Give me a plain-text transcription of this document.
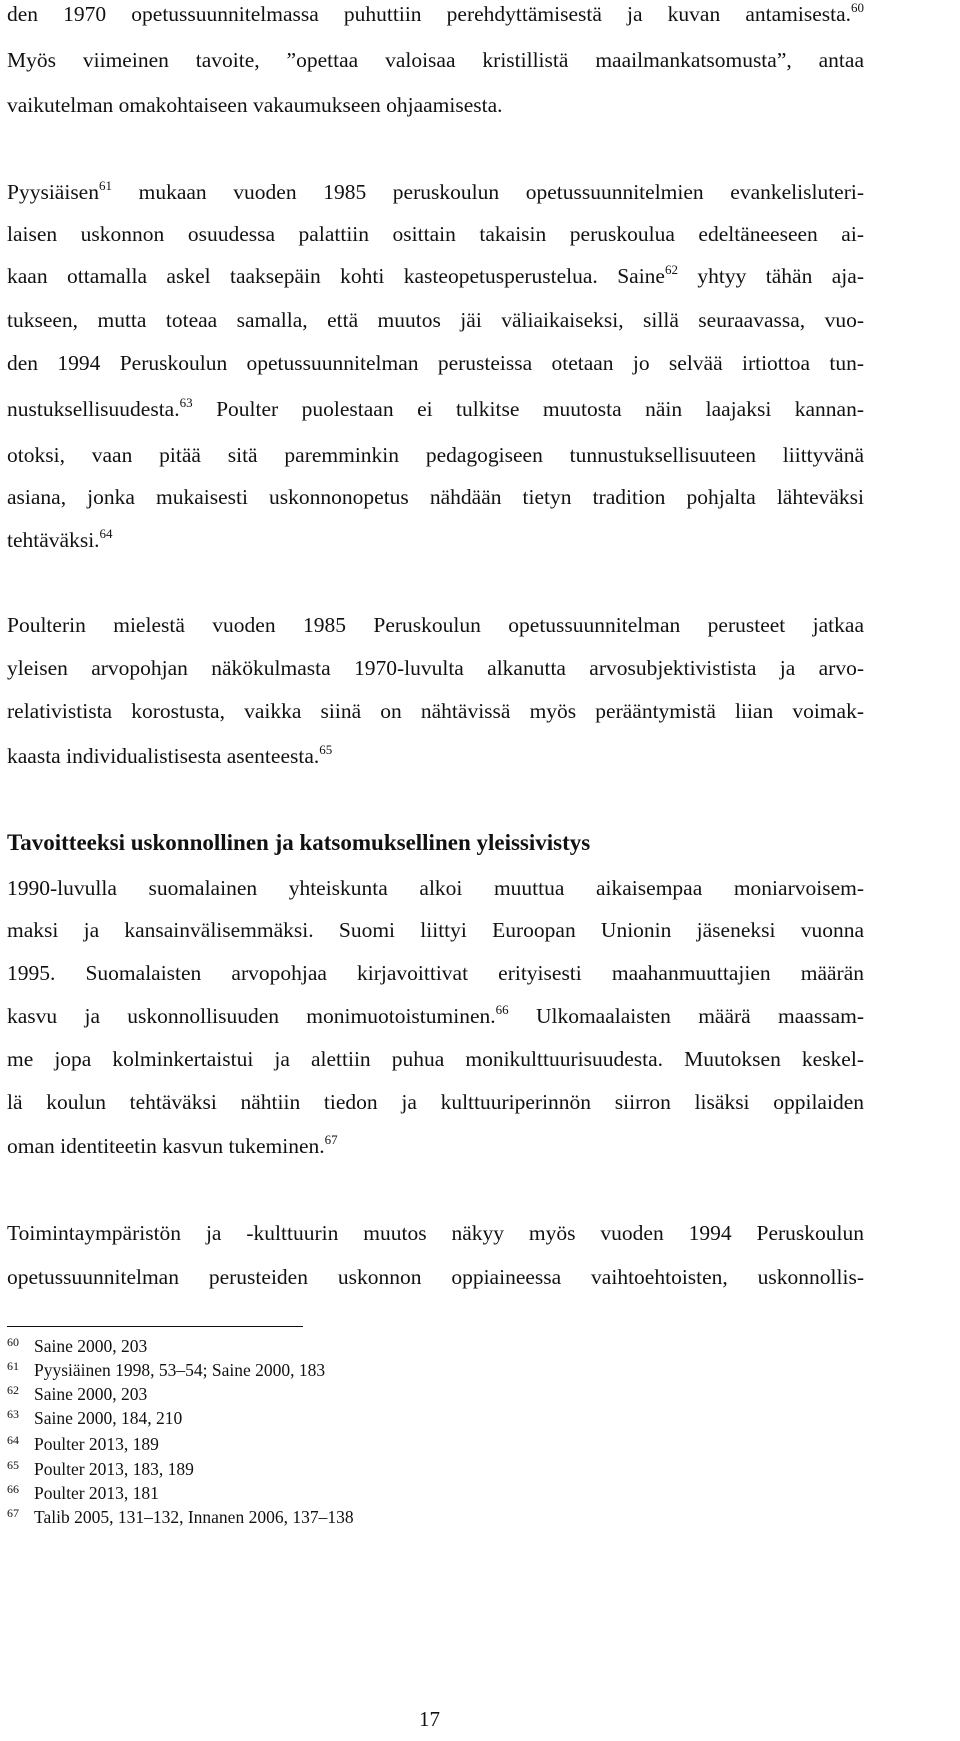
den 1970 opetussuunnitelmassa puhuttiin perehdyttämisestä ja kuvan antamisesta.$^{60}$
Myös viimeinen tavoite, ”opettaa valoisaa kristillistä maailmankatsomusta”, antaa
vaikutelman omakohtaiseen vakaumukseen ohjaamisesta.
Pyysiäisen$^{61}$ mukaan vuoden 1985 peruskoulun opetussuunnitelmien evankelisluteri-
laisen uskonnon osuudessa palattiin osittain takaisin peruskoulua edeltäneeseen ai-
kaan ottamalla askel taaksepäin kohti kasteopetusperustelua. Saine$^{62}$ yhtyy tähän aja-
tukseen, mutta toteaa samalla, että muutos jäi väliaikaiseksi, sillä seuraavassa, vuo-
den 1994 Peruskoulun opetussuunnitelman perusteissa otetaan jo selvää irtiottoa tun-
nustuksellisuudesta.$^{63}$ Poulter puolestaan ei tulkitse muutosta näin laajaksi kannan-
otoksi, vaan pitää sitä paremminkin pedagogiseen tunnustuksellisuuteen liittyvänä
asiana, jonka mukaisesti uskonnonopetus nähdään tietyn tradition pohjalta lähteväksi
tehtäväksi.$^{64}$
Poulterin mielestä vuoden 1985 Peruskoulun opetussuunnitelman perusteet jatkaa
yleisen arvopohjan näkökulmasta 1970-luvulta alkanutta arvosubjektivistista ja arvo-
relativistista korostusta, vaikka siinä on nähtävissä myös perääntymistä liian voimak-
kaasta individualistisesta asenteesta.$^{65}$
Tavoitteeksi uskonnollinen ja katsomuksellinen yleissivistys
1990-luvulla suomalainen yhteiskunta alkoi muuttua aikaisempaa moniarvoisem-
maksi ja kansainvälisemmäksi. Suomi liittyi Euroopan Unionin jäseneksi vuonna
1995. Suomalaisten arvopohjaa kirjavoittivat erityisesti maahanmuuttajien määrän
kasvu ja uskonnollisuuden monimuotoistuminen.$^{66}$ Ulkomaalaisten määrä maassam-
me jopa kolminkertaistui ja alettiin puhua monikulttuurisuudesta. Muutoksen keskel-
lä koulun tehtäväksi nähtiin tiedon ja kulttuuriperinnön siirron lisäksi oppilaiden
oman identiteetin kasvun tukeminen.$^{67}$
Toimintaympäristön ja -kulttuurin muutos näkyy myös vuoden 1994 Peruskoulun
opetussuunnitelman perusteiden uskonnon oppiaineessa vaihtoehtoisten, uskonnollis-
60 Saine 2000, 203
61 Pyysiäinen 1998, 53–54; Saine 2000, 183
62 Saine 2000, 203
63 Saine 2000, 184, 210
64 Poulter 2013, 189
65 Poulter 2013, 183, 189
66 Poulter 2013, 181
67 Talib 2005, 131–132, Innanen 2006, 137–138
17
